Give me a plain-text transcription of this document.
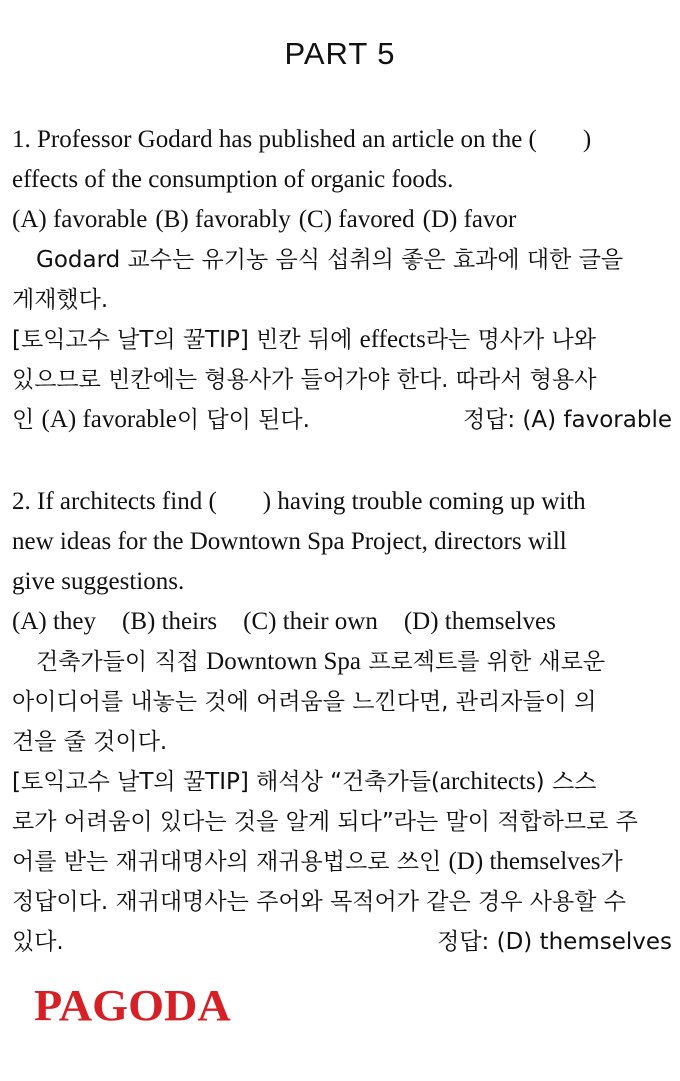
PART 5
1. Professor Godard has published an article on the ( )
effects of the consumption of organic foods.
(A) favorable (B) favorably (C) favored (D) favor
Godard 교수는 유기농 음식 섭취의 좋은 효과에 대한 글을
게재했다.
[토익고수 날T의 꿀TIP] 빈칸 뒤에 effects라는 명사가 나와
있으므로 빈칸에는 형용사가 들어가야 한다. 따라서 형용사
인 (A) favorable이 답이 된다.	정답: (A) favorable
2. If architects find ( ) having trouble coming up with
new ideas for the Downtown Spa Project, directors will
give suggestions.
(A) they (B) theirs (C) their own (D) themselves
건축가들이 직접 Downtown Spa 프로젝트를 위한 새로운
아이디어를 내놓는 것에 어려움을 느낀다면, 관리자들이 의
견을 줄 것이다.
[토익고수 날T의 꿀TIP] 해석상 “건축가들(architects) 스스
로가 어려움이 있다는 것을 알게 되다”라는 말이 적합하므로 주
어를 받는 재귀대명사의 재귀용법으로 쓰인 (D) themselves가
정답이다. 재귀대명사는 주어와 목적어가 같은 경우 사용할 수
있다.	정답: (D) themselves
PAGODA
